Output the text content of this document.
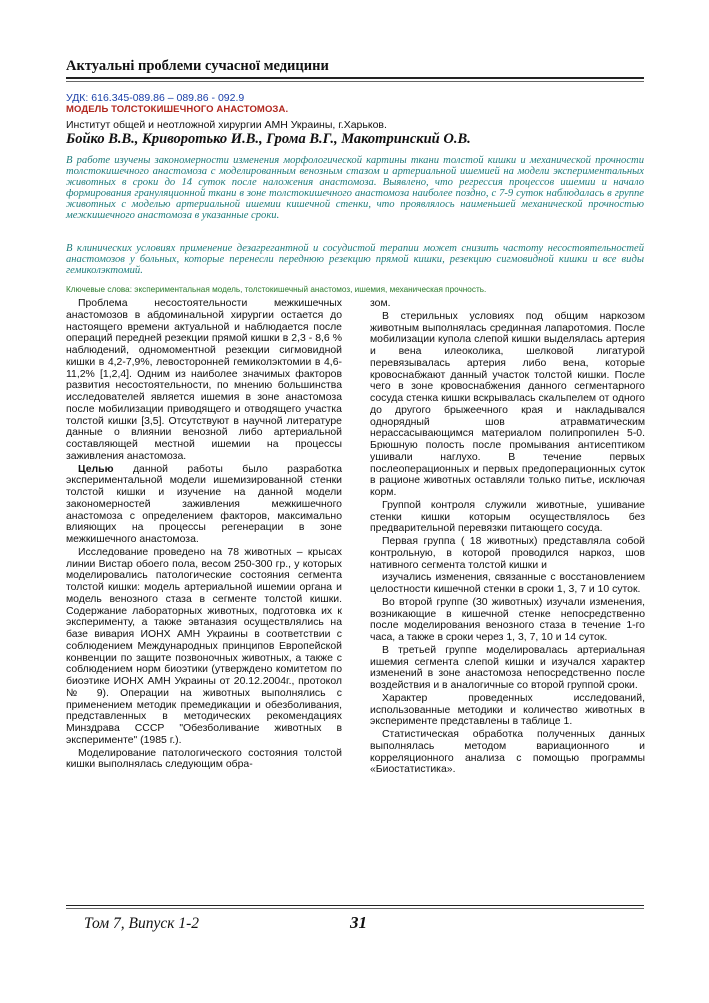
Актуальні проблеми сучасної медицини
УДК: 616.345-089.86 – 089.86 - 092.9
МОДЕЛЬ ТОЛСТОКИШЕЧНОГО АНАСТОМОЗА.
Институт общей и неотложной хирургии АМН Украины, г.Харьков.
Бойко В.В., Криворотько И.В., Грома В.Г., Макотринский О.В.

В работе изучены закономерности изменения морфологической картины ткани толстой кишки и механической прочности толстокишечного анастомоза с моделированным венозным стазом и артериальной ишемией на модели экспериментальных животных в сроки до 14 суток после наложения анастомоза. Выявлено, что регрессия процессов ишемии и начало формирования грануляционной ткани в зоне толстокишечного анастомоза наиболее позднo, с 7-9 суток наблюдалась в группе животных с моделью артериальной ишемии кишечной стенки, что проявлялось наименьшей механической прочностью межкишечного анастомоза в указанные сроки.

В клинических условиях применение дезагрегантной и сосудистой терапии может снизить частоту несостоятельностей анастомозов у больных, которые перенесли переднюю резекцию прямой кишки, резекцию сигмовидной кишки и все виды гемиколэктомий.

Ключевые слова: экспериментальная модель, толстокишечный анастомоз, ишемия, механическая прочность.

Проблема несостоятельности межкишечных анастомозов в абдоминальной хирургии остается до настоящего времени актуальной и наблюдается после операций передней резекции прямой кишки в 2,3 - 8,6 % наблюдений, одномоментной резекции сигмовидной кишки в 4,2-7,9%, левосторонней гемиколэктомии в 4,6-11,2% [1,2,4]. Одним из наиболее значимых факторов развития несостоятельности, по мнению большинства исследователей является ишемия в зоне анастомоза после мобилизации приводящего и отводящего участка толстой кишки [3,5]. Отсутствуют в научной литературе данные о влиянии венозной либо артериальной составляющей местной ишемии на процессы заживления анастомоза.

Целью данной работы было разработка экспериментальной модели ишемизированной стенки толстой кишки и изучение на данной модели закономерностей заживления межкишечного анастомоза с определением факторов, максимально влияющих на процессы регенерации в зоне межкишечного анастомоза.

Исследование проведено на 78 животных – крысах линии Вистар обоего пола, весом 250-300 гр., у которых моделировались патологические состояния сегмента толстой кишки: модель артериальной ишемии органа и модель венозного стаза в сегменте толстой кишки. Содержание лабораторных животных, подготовка их к эксперименту, а также эвтаназия осуществлялись на базе вивария ИОНХ АМН Украины в соответствии с соблюдением Международных принципов Европейской конвенции по защите позвоночных животных, а также с соблюдением норм биоэтики (утверждено комитетом по биоэтике ИОНХ АМН Украины от 20.12.2004г., протокол № 9). Операции на животных выполнялись с применением методик премедикации и обезболивания, представленных в методических рекомендациях Минздрава СССР "Обезболивание животных в эксперименте" (1985 г.).

Моделирование патологического состояния толстой кишки выполнялась следующим обра-

зом.

В стерильных условиях под общим наркозом животным выполнялась срединная лапаротомия. После мобилизации купола слепой кишки выделялась артерия и вена илеоколика, шелковой лигатурой перевязывалась артерия либо вена, которые кровоснабжают данный участок толстой кишки. После чего в зоне кровоснабжения данного сегментарного сосуда стенка кишки вскрывалась скальпелем от одного до другого брыжеечного края и накладывался однорядный шов атравматическим нерассасывающимся материалом полипропилен 5-0. Брюшную полость после промывания антисептиком ушивали наглухо. В течение первых послеоперационных и первых предоперационных суток в рационе животных оставляли только питье, исключая корм.

Группой контроля служили животные, ушивание стенки кишки которым осуществлялось без предварительной перевязки питающего сосуда.

Первая группа ( 18 животных) представляла собой контрольную, в которой проводился наркоз, шов нативного сегмента толстой кишки и

изучались изменения, связанные с восстановлением целостности кишечной стенки в сроки 1, 3, 7 и 10 суток.

Во второй группе (30 животных) изучали изменения, возникающие в кишечной стенке непосредственно после моделирования венозного стаза в течение 1-го часа, а также в сроки через 1, 3, 7, 10 и 14 суток.

В третьей группе моделировалась артериальная ишемия сегмента слепой кишки и изучался характер изменений в зоне анастомоза непосредственно после воздействия и в аналогичные со второй группой сроки.

Характер проведенных исследований, использованные методики и количество животных в эксперименте представлены в таблице 1.

Статистическая обработка полученных данных выполнялась методом вариационного и корреляционного анализа с помощью программы «Биостатистика».

Том 7, Випуск 1-2	31
